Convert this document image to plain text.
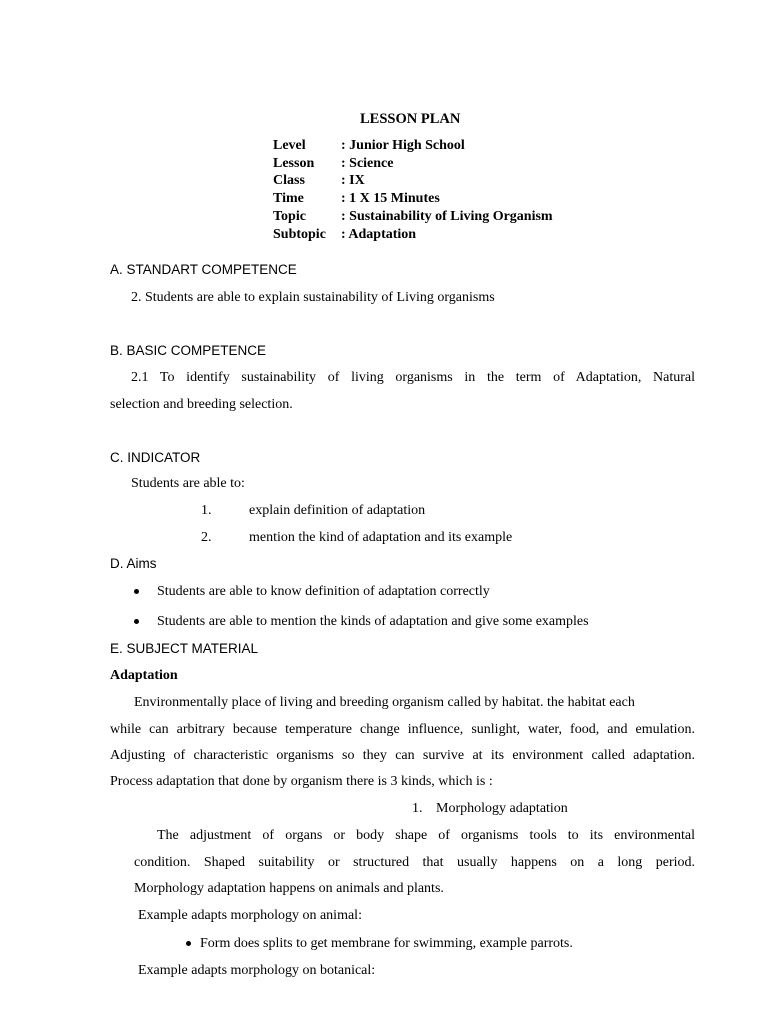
LESSON PLAN
Level	: Junior High School
Lesson : Science
Class	: IX
Time	: 1 X 15 Minutes
Topic	: Sustainability of Living Organism
Subtopic : Adaptation
A. STANDART COMPETENCE
2. Students are able to explain sustainability of Living organisms
B. BASIC COMPETENCE
2.1 To identify sustainability of living organisms in the term of Adaptation, Natural
selection and breeding selection.
C. INDICATOR
Students are able to:
1.	explain definition of adaptation
2.	mention the kind of adaptation and its example
D. Aims
Students are able to know definition of adaptation correctly
Students are able to mention the kinds of adaptation and give some examples
E. SUBJECT MATERIAL
Adaptation
Environmentally place of living and breeding organism called by habitat. the habitat each
while can arbitrary because temperature change influence, sunlight, water, food, and emulation.
Adjusting of characteristic organisms so they can survive at its environment called adaptation.
Process adaptation that done by organism there is 3 kinds, which is :
1. Morphology adaptation
The adjustment of organs or body shape of organisms tools to its environmental
condition. Shaped suitability or structured that usually happens on a long period.
Morphology adaptation happens on animals and plants.
Example adapts morphology on animal:
Form does splits to get membrane for swimming, example parrots.
Example adapts morphology on botanical:
